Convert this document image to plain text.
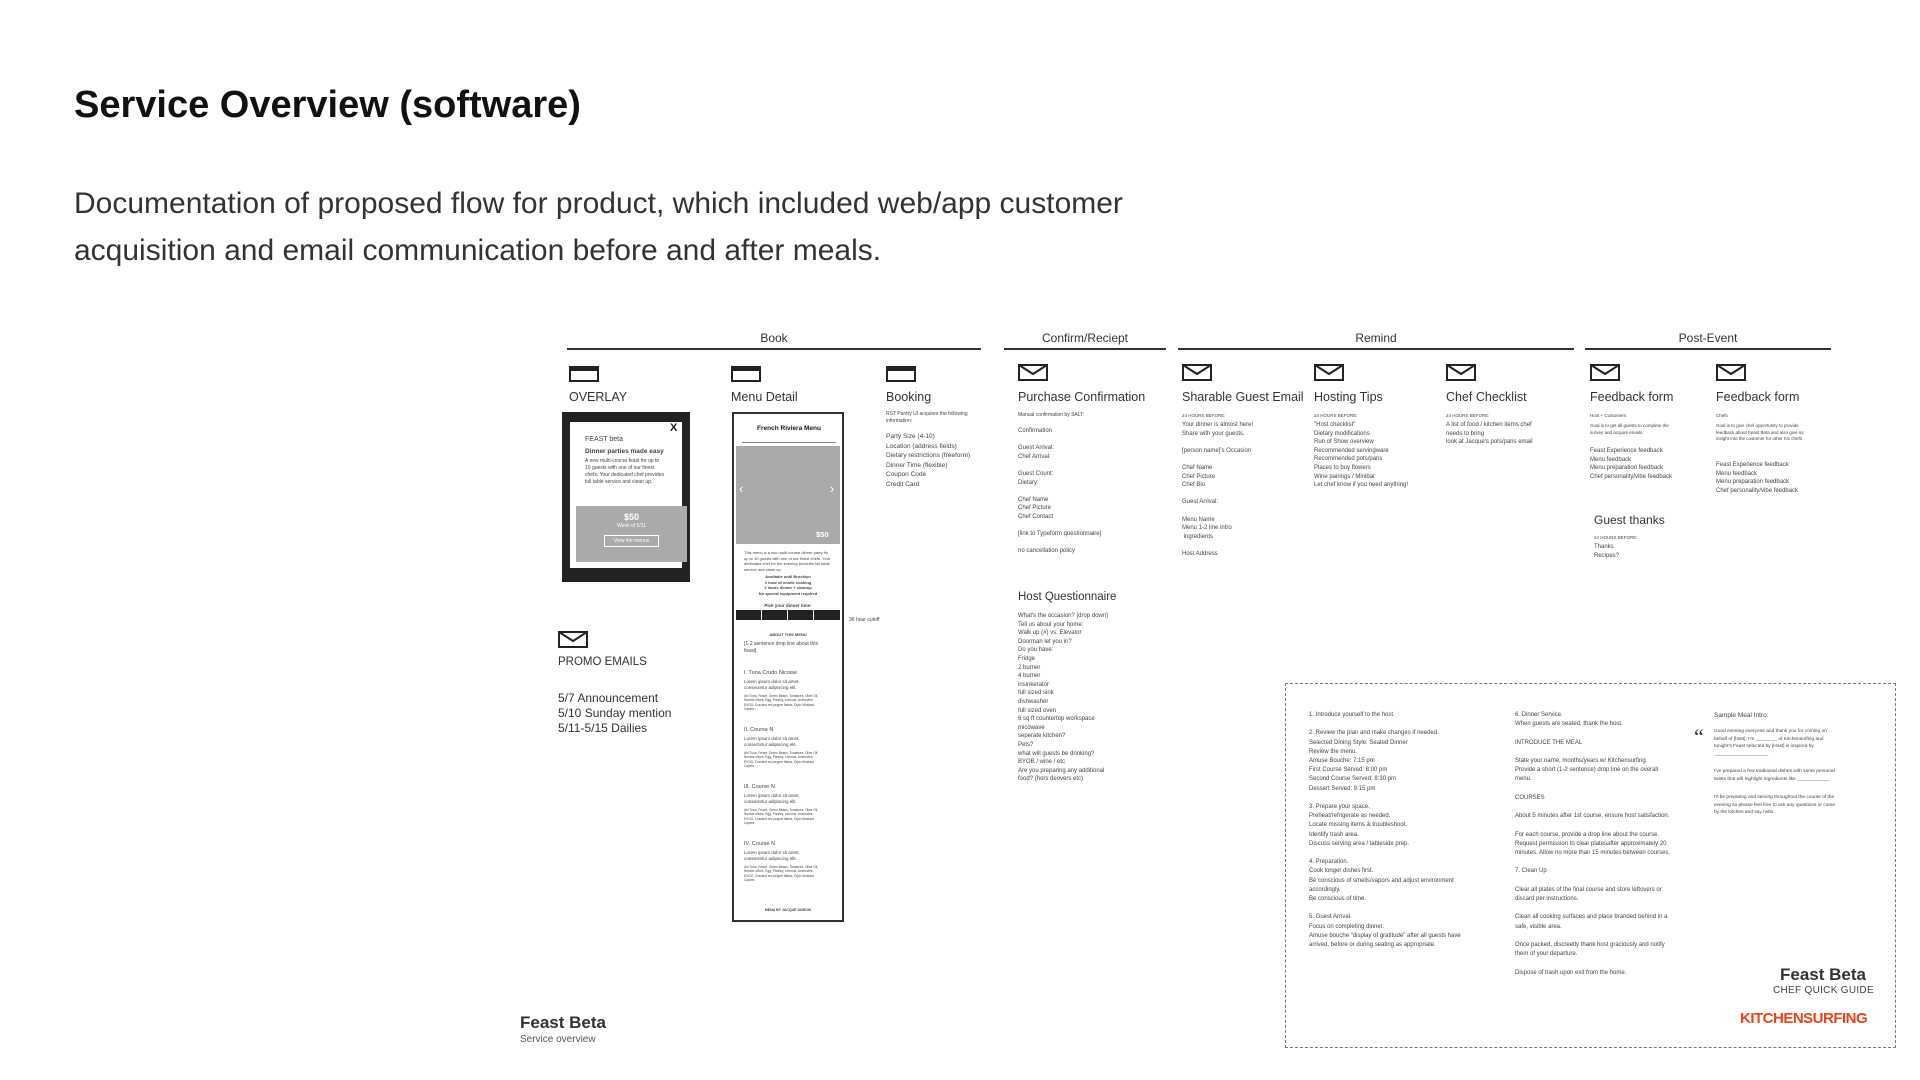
Service Overview (software)
Documentation of proposed flow for product, which included web/app customer acquisition and email communication before and after meals.
Book	Confirm/Reciept	Remind	Post-Event
OVERLAY
X
FEAST beta
Dinner parties made easy
A new multi-course feast for up to
10 guests with one of our finest
chefs. Your dedicated chef provides
full table service and clean up.
$50
Week of 5/11
View the menus
Menu Detail
French Riviera Menu
‹	›
$50
This menu is a two multi-course dinner party for
up to 10 guests with one of our finest chefs. Your
dedicated chef for the evening provides full table
service and clean up.
Available until Brooklyn
1 hour of onsite cooking
2 hours dinner + cleanup
No special equipment required
Pick your dinner time:
ABOUT THIS MENU
[1-2 sentence drop line about this
feast]
I. Tuna Crudo Nicoise
Lorem ipsum dolor sit amet,
consectetur adipiscing elit.
Ahi Tuna, Frisee, Green Beans, Tomatoes, Olive Oil,
Nicoise olives, Egg, Parsley, Lemons, Anchovies,
EVOO, Cracked red pepper flakes, Dijon Mustard,
Capers
II. Course N
Lorem ipsum dolor sit amet,
consectetur adipiscing elit.
Ahi Tuna, Frisee, Green Beans, Tomatoes, Olive Oil,
Nicoise olives, Egg, Parsley, Lemons, Anchovies,
EVOO, Cracked red pepper flakes, Dijon Mustard,
Capers
III. Course N
Lorem ipsum dolor sit amet,
consectetur adipiscing elit.
Ahi Tuna, Frisee, Green Beans, Tomatoes, Olive Oil,
Nicoise olives, Egg, Parsley, Lemons, Anchovies,
EVOO, Cracked red pepper flakes, Dijon Mustard,
Capers
IV. Course N
Lorem ipsum dolor sit amet,
consectetur adipiscing elit.
Ahi Tuna, Frisee, Green Beans, Tomatoes, Olive Oil,
Nicoise olives, Egg, Parsley, Lemons, Anchovies,
EVOO, Cracked red pepper flakes, Dijon Mustard,
Capers
MENU BY JACQUE DUBOIS
36 hour cutoff
Booking
RST Pantry UI acquires the following
information:
Party Size (4-10)
Location (address fields)
Dietary restrictions (freeform)
Dinner Time (flexible)
Coupon Code
Credit Card
PROMO EMAILS
5/7 Announcement
5/10 Sunday mention
5/11-5/15 Dailies
Purchase Confirmation
Manual confirmation by SALT:
Confirmation

Guest Arrival:
Chef Arrival:

Guest Count:
Dietary:

Chef Name
Chef Picture
Chef Contact

[link to Typeform questionnaire]

no cancellation policy
Host Questionnaire
What's the occasion? [drop down]
Tell us about your home:
Walk up (#) vs. Elevator
Doorman let you in?
Do you have:
Fridge
2 burner
4 burner
insinkerator
full sized sink
dishwasher
full sized oven
6 sq ft countertop workspace
micowave
seperate kitchen?
Pets?
what will guests be drinking?
BYOB / wine / etc
Are you preparing any additional
food? (hors deovers etc)
Sharable Guest Email
24 HOURS BEFORE:
Your dinner is almost here!
Share with your guests.

[person name]'s Occasion

Chef Name
Chef Picture
Chef Bio

Guest Arrival:

Menu Name
Menu 1-2 line intro
ingredients

Host Address
Hosting Tips
24 HOURS BEFORE:
"Host checklist"
Dietary modifications
Run of Show overview
Recommended servingware
Recommended pots/pans
Places to buy flowers
Wine pairings / Minibar
Let chef know if you need anything!
Chef Checklist
24 HOURS BEFORE:
A list of food / kitchen items chef
needs to bring
look at Jacque's pots/pans email
Feedback form
Host + Customers
Goal is to get all guests to complete the
survey and acquire emails.
Feast Experience feedback
Menu feedback
Menu preparation feedback
Chef personality/vibe feedback
Feedback form
Chefs
Goal is to give chef opportunity to provide
feedback about Feast Beta and also give us
insight into the customer for other KS chefs.
Feast Experience feedback
Menu feedback
Menu preparation feedback
Chef personality/vibe feedback
Guest thanks
24 HOURS BEFORE:
Thanks
Recipes?
1. Introduce yourself to the host.

2. Review the plan and make changes if needed.
Selected Dining Style: Seated Dinner
Review the menu.
Amuse Bouche: 7:15 pm
First Course Served: 8:00 pm
Second Course Served: 8:30 pm
Dessert Served: 9:15 pm

3. Prepare your space.
Preheat/refrigerate as needed.
Locate missing items & troubleshoot.
Identify trash area.
Discuss serving area / tableside prep.

4. Preparation.
Cook longer dishes first.
Be conscious of smells/vapors and adjust environment
accordingly.
Be conscious of time.

5. Guest Arrival.
Focus on completing dinner.
Amuse bouche "display of gratitude" after all guests have
arrived, before or during seating as appropriate.
6. Dinner Service.
When guests are seated, thank the host.

INTRODUCE THE MEAL

State your name, months/years w/ Kitchensurfing.
Provide a short (1-2 sentence) drop line on the overall
menu.

COURSES

About 5 minutes after 1st course, ensure host satisfaction.

For each course, provide a drop line about the course.
Request permission to clear platesafter approximately 20
minutes. Allow no more than 15 minutes between courses.

7. Clean Up

Clear all plates of the final course and store leftovers or
discard per instructions.

Clean all cooking surfaces and place branded behind in a
safe, visible area.

Once packed, discreetly thank host graciously and notify
them of your departure.

Dispose of trash upon exit from the home.
Sample Meal Intro:
“ Good evening everyone and thank you for coming on
behalf of [host]. I'm ________ of Kitchensurfing and
tonight's Feast selected by [Host] is inspired by
____________________.
I've prepared a few traditional dishes with some personal
twists that will highlight ingredients like ____________.
I'll be preparing and serving throughout the course of the
evening so please feel free to ask any questions or come
by the kitchen and say hello.
Feast Beta
CHEF QUICK GUIDE
KITCHENSURFING
Feast Beta
Service overview
